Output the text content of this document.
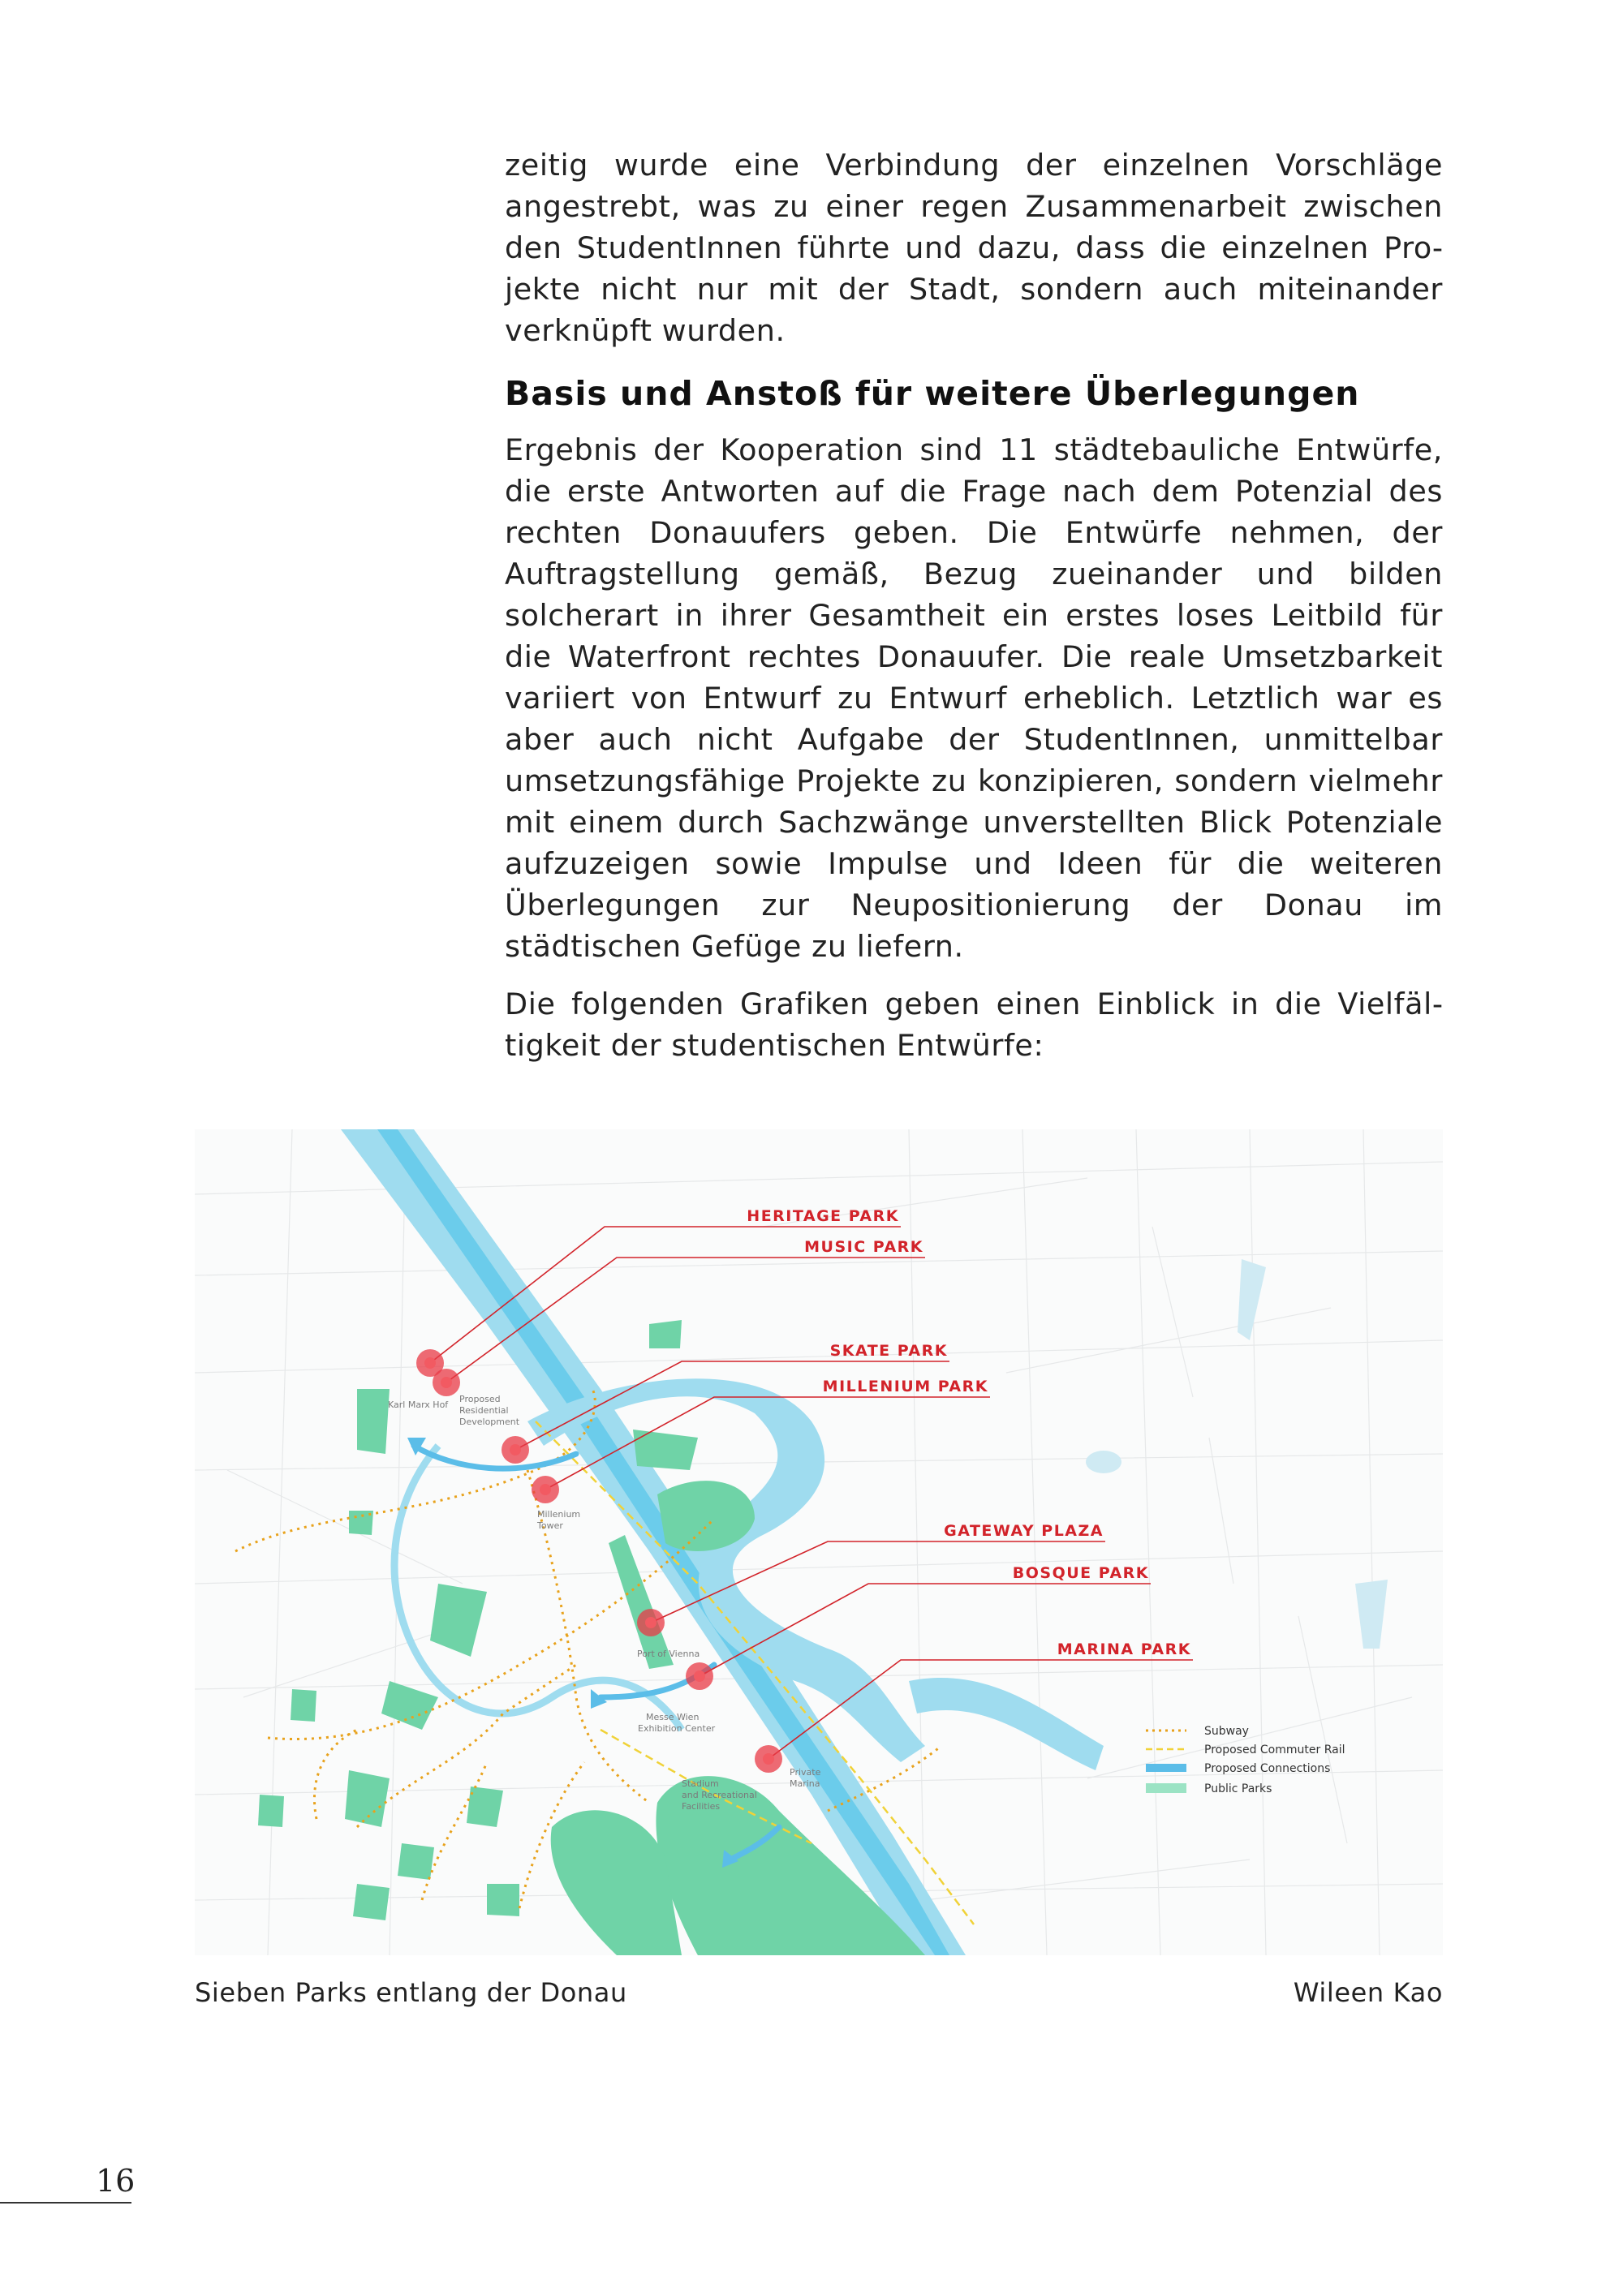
zeitig wurde eine Verbindung der einzelnen Vorschläge angestrebt, was zu einer regen Zusammenarbeit zwischen den StudentInnen führte und dazu, dass die einzelnen Projekte nicht nur mit der Stadt, sondern auch miteinander verknüpft wurden.

Basis und Anstoß für weitere Überlegungen

Ergebnis der Kooperation sind 11 städtebauliche Entwürfe, die erste Antworten auf die Frage nach dem Potenzial des rechten Donauufers geben. Die Entwürfe nehmen, der Auftragstellung gemäß, Bezug zueinander und bilden solcherart in ihrer Gesamtheit ein erstes loses Leitbild für die Waterfront rechtes Donauufer. Die reale Umsetzbarkeit variiert von Entwurf zu Entwurf erheblich. Letztlich war es aber auch nicht Aufgabe der StudentInnen, unmittelbar umsetzungsfähige Projekte zu konzipieren, sondern vielmehr mit einem durch Sachzwänge unverstellten Blick Potenziale aufzuzeigen sowie Impulse und Ideen für die weiteren Überlegungen zur Neupositionierung der Donau im städtischen Gefüge zu liefern.

Die folgenden Grafiken geben einen Einblick in die Vielfältigkeit der studentischen Entwürfe:

HERITAGE PARK
MUSIC PARK
SKATE PARK
MILLENIUM PARK
GATEWAY PLAZA
BOSQUE PARK
MARINA PARK
Karl Marx Hof
Proposed
Residential
Development
Millenium
Tower
Port of Vienna
Messe Wien
Exhibition Center
Stadium
and Recreational
Facilities
Private
Marina
Subway
Proposed Commuter Rail
Proposed Connections
Public Parks
Sieben Parks entlang der Donau	Wileen Kao
16
